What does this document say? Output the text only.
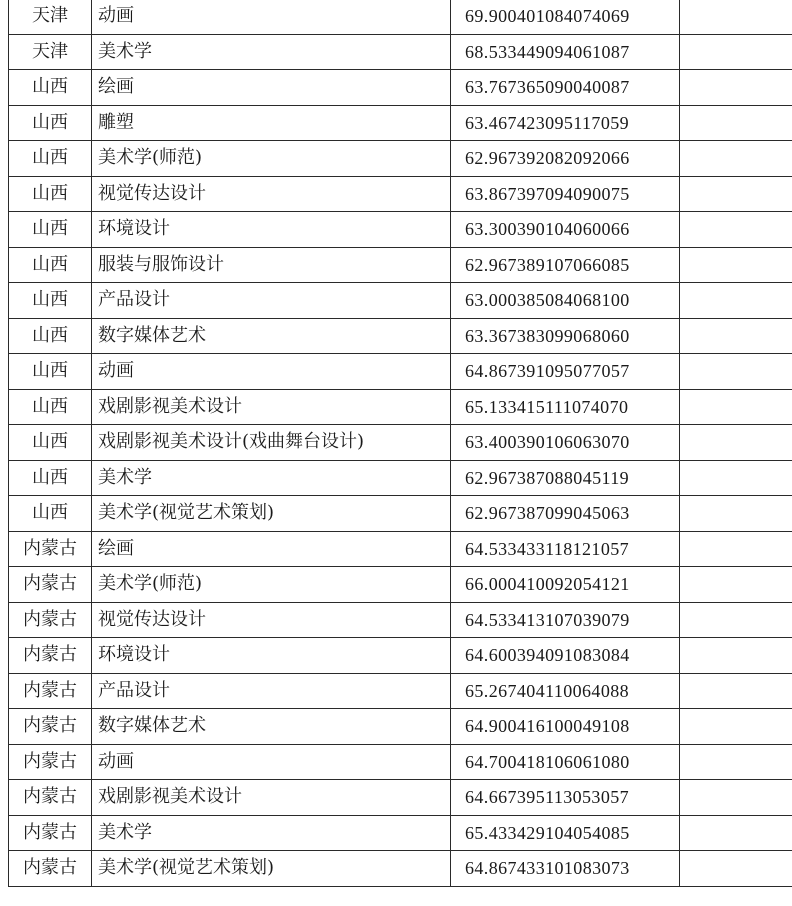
天津	动画	69.900401084074069	
天津	美术学	68.533449094061087	
山西	绘画	63.767365090040087	
山西	雕塑	63.467423095117059	
山西	美术学(师范)	62.967392082092066	
山西	视觉传达设计	63.867397094090075	
山西	环境设计	63.300390104060066	
山西	服装与服饰设计	62.967389107066085	
山西	产品设计	63.000385084068100	
山西	数字媒体艺术	63.367383099068060	
山西	动画	64.867391095077057	
山西	戏剧影视美术设计	65.133415111074070	
山西	戏剧影视美术设计(戏曲舞台设计)	63.400390106063070	
山西	美术学	62.967387088045119	
山西	美术学(视觉艺术策划)	62.967387099045063	
内蒙古	绘画	64.533433118121057	
内蒙古	美术学(师范)	66.000410092054121	
内蒙古	视觉传达设计	64.533413107039079	
内蒙古	环境设计	64.600394091083084	
内蒙古	产品设计	65.267404110064088	
内蒙古	数字媒体艺术	64.900416100049108	
内蒙古	动画	64.700418106061080	
内蒙古	戏剧影视美术设计	64.667395113053057	
内蒙古	美术学	65.433429104054085	
内蒙古	美术学(视觉艺术策划)	64.867433101083073	
